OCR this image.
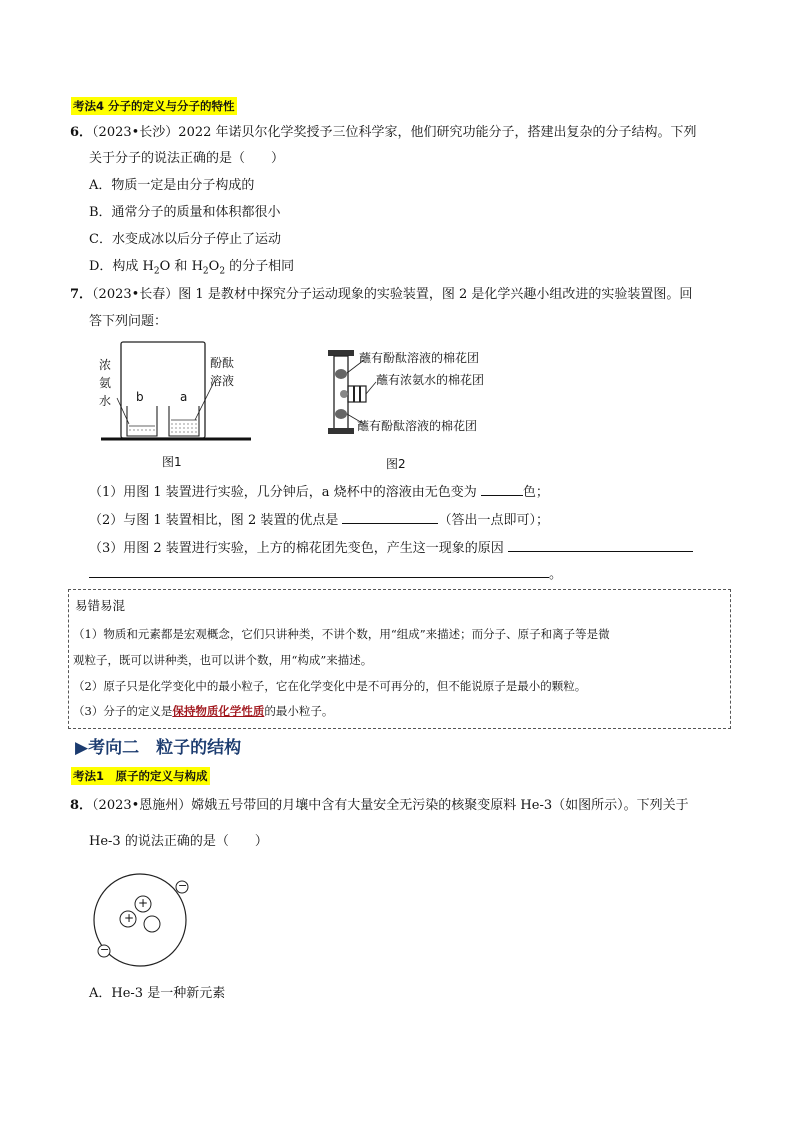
考法4 分子的定义与分子的特性
6．（2023•长沙）2022 年诺贝尔化学奖授予三位科学家，他们研究功能分子，搭建出复杂的分子结构。下列
关于分子的说法正确的是（　　）
A．物质一定是由分子构成的
B．通常分子的质量和体积都很小
C．水变成冰以后分子停止了运动
D．构成 $H_2O$ 和 $H_2O_2$ 的分子相同
7．（2023•长春）图 1 是教材中探究分子运动现象的实验装置，图 2 是化学兴趣小组改进的实验装置图。回
答下列问题：
浓
氨
水 b	a
酚酞
溶液
图1
蘸有酚酞溶液的棉花团
蘸有浓氨水的棉花团
蘸有酚酞溶液的棉花团
图2
（1）用图 1 装置进行实验，几分钟后，a 烧杯中的溶液由无色变为	色；
（2）与图 1 装置相比，图 2 装置的优点是	（答出一点即可）；
（3）用图 2 装置进行实验，上方的棉花团先变色，产生这一现象的原因
。
易错易混
（1）物质和元素都是宏观概念，它们只讲种类，不讲个数，用“组成”来描述；而分子、原子和离子等是微
观粒子，既可以讲种类，也可以讲个数，用“构成”来描述。
（2）原子只是化学变化中的最小粒子，它在化学变化中是不可再分的，但不能说原子是最小的颗粒。
（3）分子的定义是保持物质化学性质的最小粒子。
▶考向二　粒子的结构
考法1　原子的定义与构成
8．（2023•恩施州）嫦娥五号带回的月壤中含有大量安全无污染的核聚变原料 He-3（如图所示）。下列关于
He-3 的说法正确的是（　　）
+
+
−
−
A．He-3 是一种新元素
